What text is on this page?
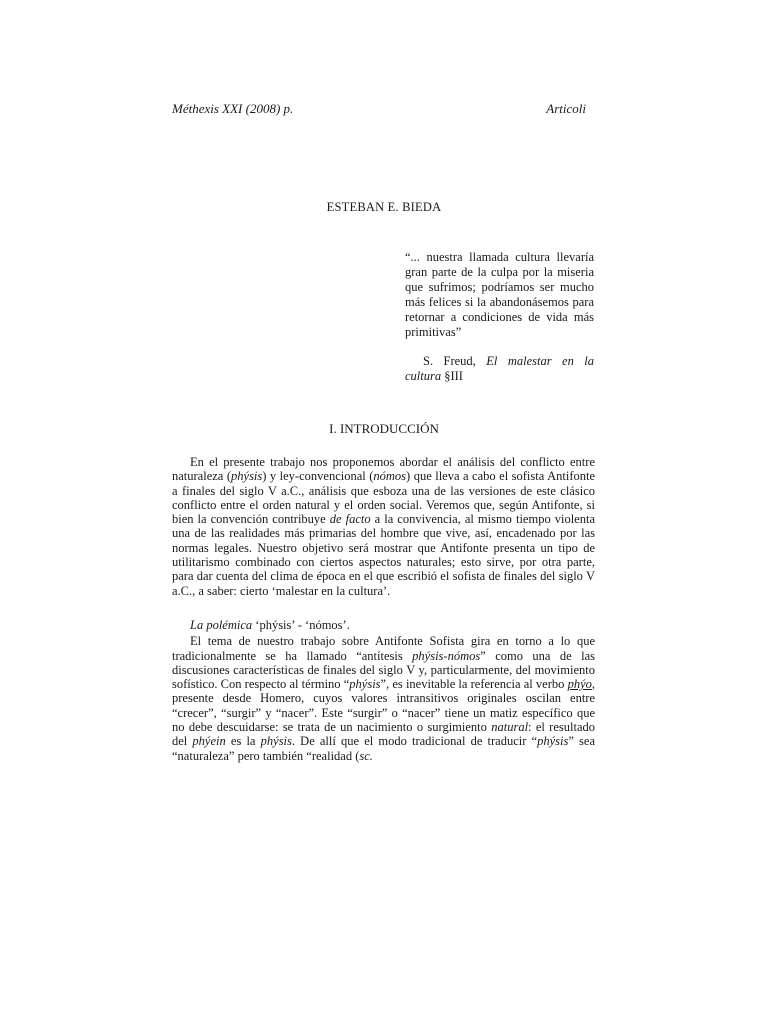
Méthexis XXI (2008) p.	Articoli
ESTEBAN E. BIEDA

“... nuestra llamada cultura llevaría gran parte de la culpa por la miseria que sufrimos; podríamos ser mucho más felices si la abandonásemos para retornar a condiciones de vida más primitivas”

S. Freud, El malestar en la cultura §III

I. INTRODUCCIÓN

En el presente trabajo nos proponemos abordar el análisis del conflicto entre naturaleza (phýsis) y ley-convencional (nómos) que lleva a cabo el sofista Antifonte a finales del siglo V a.C., análisis que esboza una de las versiones de este clásico conflicto entre el orden natural y el orden social. Veremos que, según Antifonte, si bien la convención contribuye de facto a la convivencia, al mismo tiempo violenta una de las realidades más primarias del hombre que vive, así, encadenado por las normas legales. Nuestro objetivo será mostrar que Antifonte presenta un tipo de utilitarismo combinado con ciertos aspectos naturales; esto sirve, por otra parte, para dar cuenta del clima de época en el que escribió el sofista de finales del siglo V a.C., a saber: cierto ‘malestar en la cultura’.

La polémica ‘phýsis’ - ‘nómos’.

El tema de nuestro trabajo sobre Antifonte Sofista gira en torno a lo que tradicionalmente se ha llamado “antítesis phýsis-nómos” como una de las discusiones características de finales del siglo V y, particularmente, del movimiento sofístico. Con respecto al término “phýsis”, es inevitable la referencia al verbo phýo, presente desde Homero, cuyos valores intransitivos originales oscilan entre “crecer”, “surgir” y “nacer”. Este “surgir” o “nacer” tiene un matiz específico que no debe descuidarse: se trata de un nacimiento o surgimiento natural: el resultado del phýein es la phýsis. De allí que el modo tradicional de traducir “phýsis” sea “naturaleza” pero también “realidad (sc.
